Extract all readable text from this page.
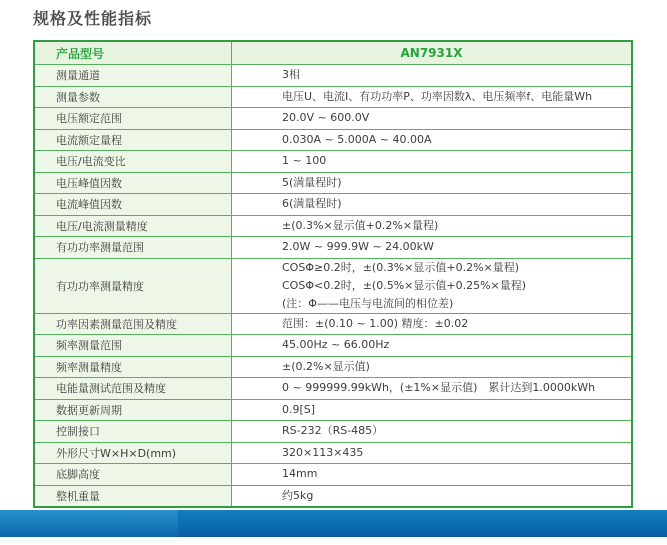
规格及性能指标
产品型号	AN7931X
测量通道	3相

测量参数	电压U、电流I、有功功率P、功率因数λ、电压频率f、电能量Wh

电压额定范围	20.0V ~ 600.0V

电流额定量程	0.030A ~ 5.000A ~ 40.00A

电压/电流变比	1 ~ 100

电压峰值因数	5(满量程时)

电流峰值因数	6(满量程时)

电压/电流测量精度	±(0.3%×显示值+0.2%×量程)

有功功率测量范围	2.0W ~ 999.9W ~ 24.00kW

有功功率测量精度	COSΦ≥0.2时，±(0.3%×显示值+0.2%×量程)
COSΦ<0.2时，±(0.5%×显示值+0.25%×量程)
(注：Φ——电压与电流间的相位差)

功率因素测量范围及精度	范围：±(0.10 ~ 1.00) 精度：±0.02

频率测量范围	45.00Hz ~ 66.00Hz

频率测量精度	±(0.2%×显示值)

电能量测试范围及精度	0 ~ 999999.99kWh，(±1%×显示值)　累计达到1.0000kWh

数据更新周期	0.9[S]

控制接口	RS-232（RS-485）

外形尺寸W×H×D(mm)	320×113×435

底脚高度	14mm

整机重量	约5kg
